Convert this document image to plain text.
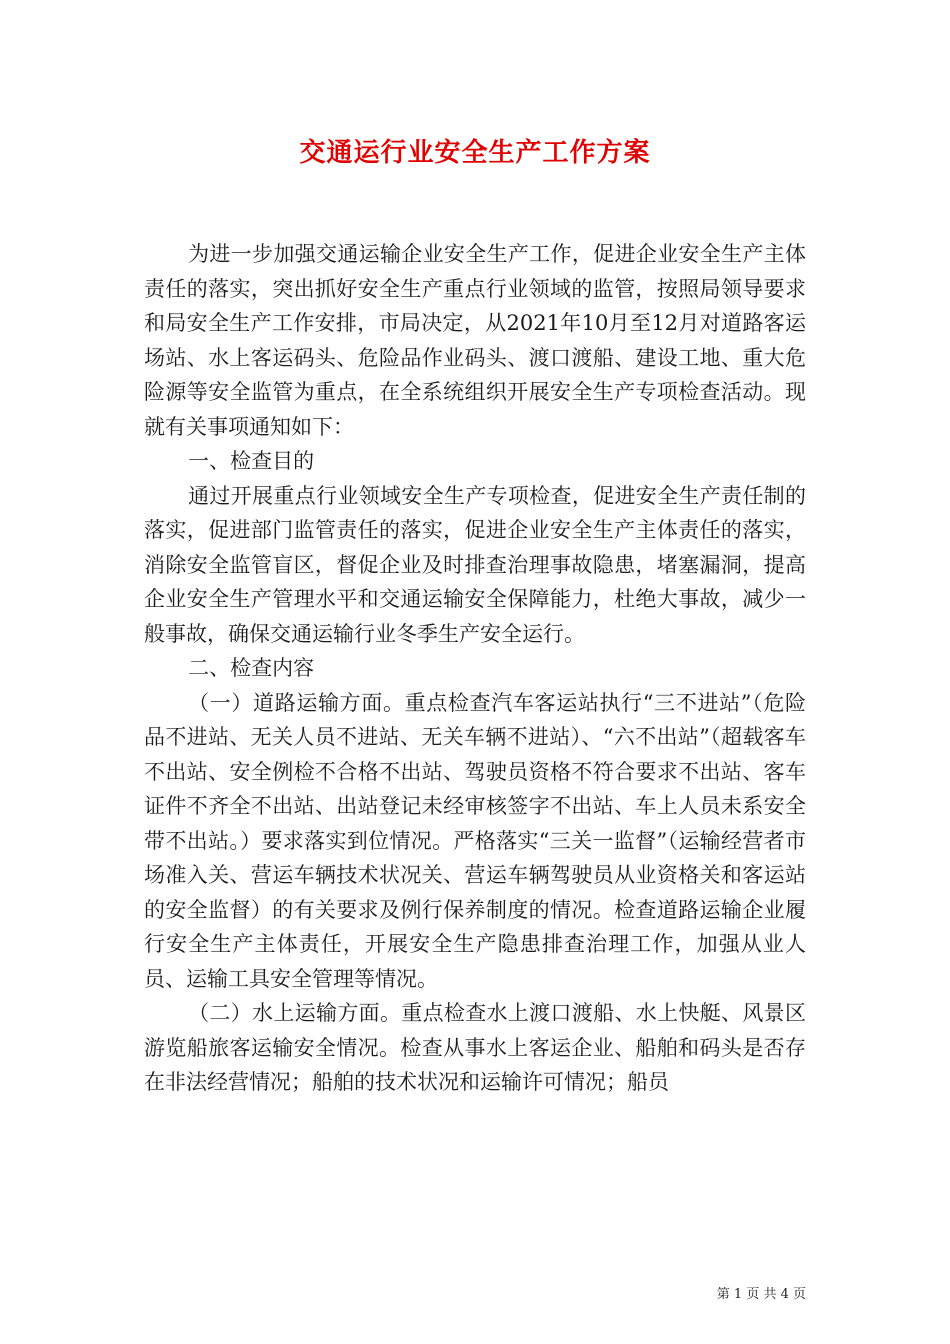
交通运行业安全生产工作方案

为进一步加强交通运输企业安全生产工作，促进企业安全生产主体责任的落实，突出抓好安全生产重点行业领域的监管，按照局领导要求和局安全生产工作安排，市局决定，从2021年10月至12月对道路客运场站、水上客运码头、危险品作业码头、渡口渡船、建设工地、重大危险源等安全监管为重点，在全系统组织开展安全生产专项检查活动。现就有关事项通知如下：

一、检查目的

通过开展重点行业领域安全生产专项检查，促进安全生产责任制的落实，促进部门监管责任的落实，促进企业安全生产主体责任的落实，消除安全监管盲区，督促企业及时排查治理事故隐患，堵塞漏洞，提高企业安全生产管理水平和交通运输安全保障能力，杜绝大事故，减少一般事故，确保交通运输行业冬季生产安全运行。

二、检查内容

（一）道路运输方面。重点检查汽车客运站执行“三不进站”（危险品不进站、无关人员不进站、无关车辆不进站）、“六不出站”（超载客车不出站、安全例检不合格不出站、驾驶员资格不符合要求不出站、客车证件不齐全不出站、出站登记未经审核签字不出站、车上人员未系安全带不出站。）要求落实到位情况。严格落实“三关一监督”（运输经营者市场准入关、营运车辆技术状况关、营运车辆驾驶员从业资格关和客运站的安全监督）的有关要求及例行保养制度的情况。检查道路运输企业履行安全生产主体责任，开展安全生产隐患排查治理工作，加强从业人员、运输工具安全管理等情况。

（二）水上运输方面。重点检查水上渡口渡船、水上快艇、风景区游览船旅客运输安全情况。检查从事水上客运企业、船舶和码头是否存在非法经营情况；船舶的技术状况和运输许可情况；船员

第 1 页 共 4 页
